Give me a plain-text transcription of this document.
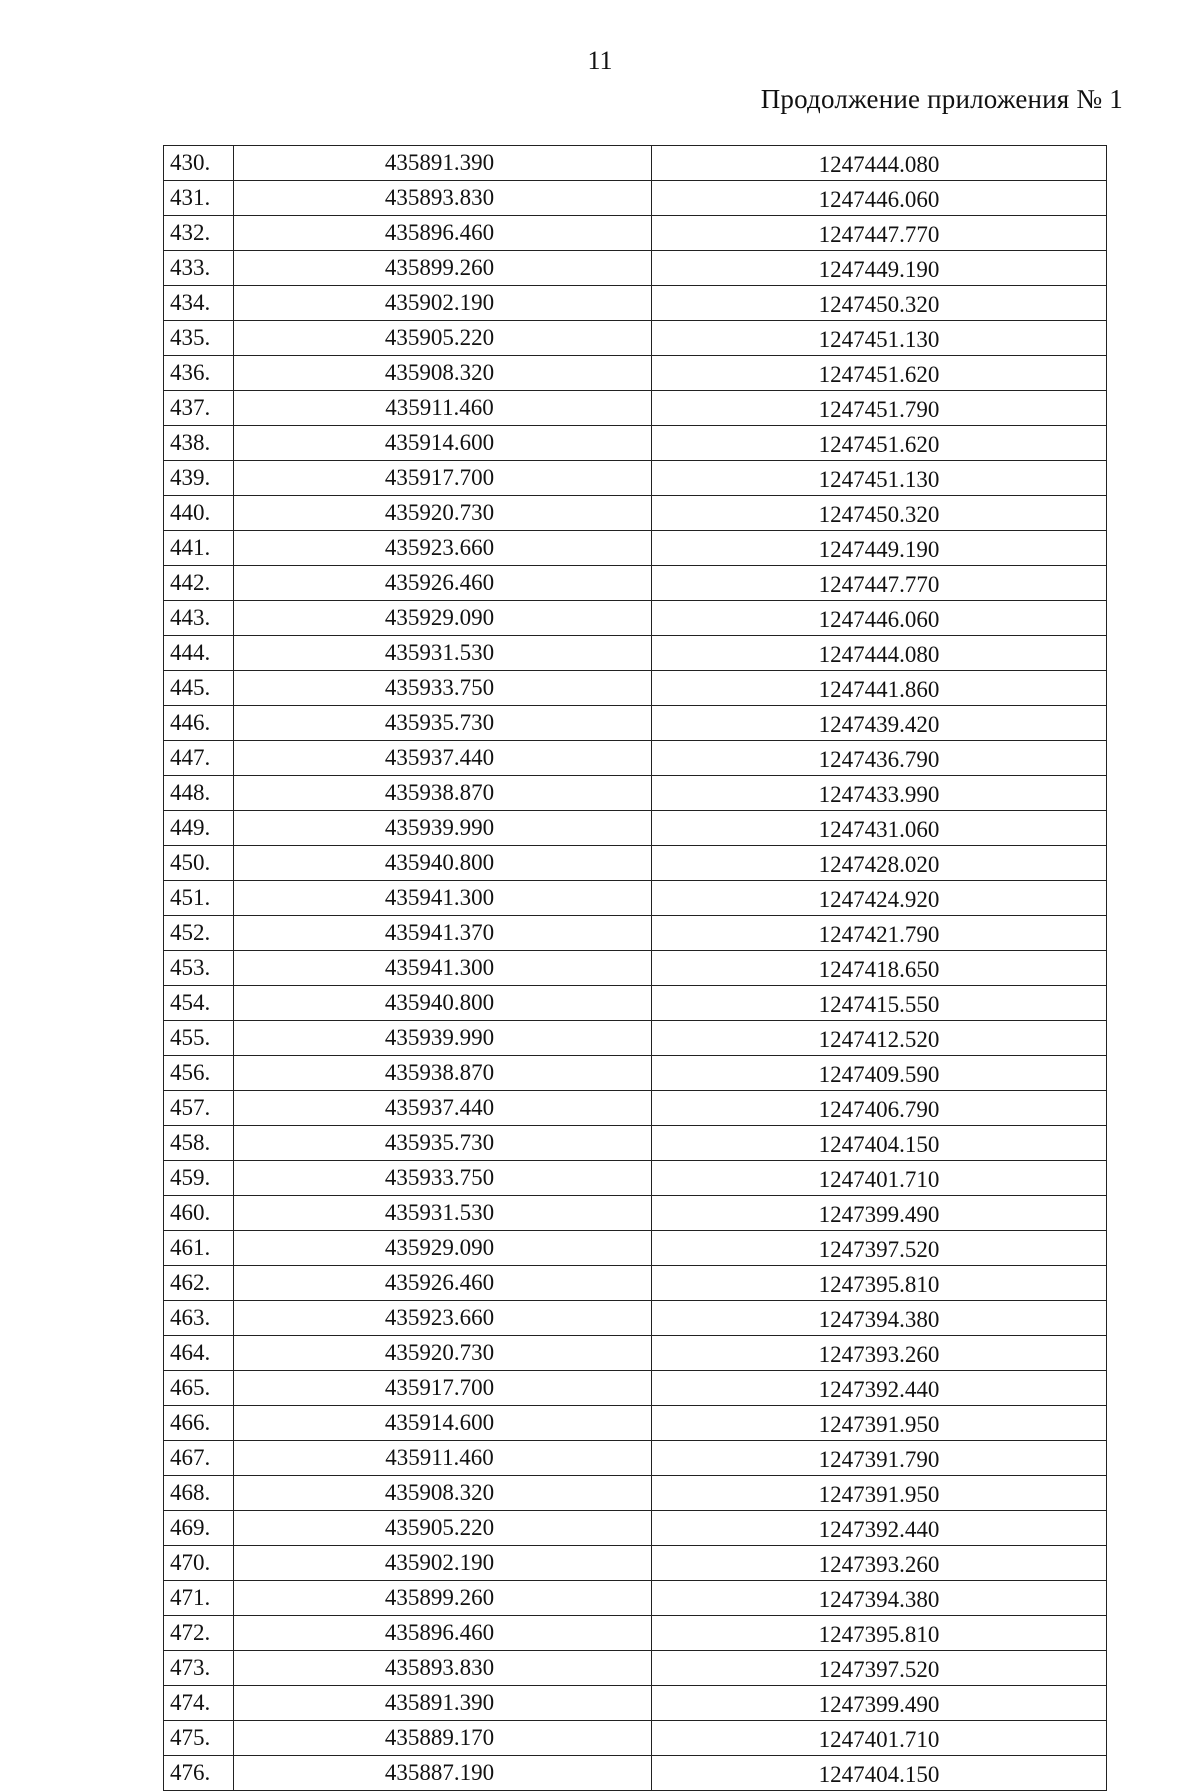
11
Продолжение приложения № 1
430.	435891.390	1247444.080
431.	435893.830	1247446.060
432.	435896.460	1247447.770
433.	435899.260	1247449.190
434.	435902.190	1247450.320
435.	435905.220	1247451.130
436.	435908.320	1247451.620
437.	435911.460	1247451.790
438.	435914.600	1247451.620
439.	435917.700	1247451.130
440.	435920.730	1247450.320
441.	435923.660	1247449.190
442.	435926.460	1247447.770
443.	435929.090	1247446.060
444.	435931.530	1247444.080
445.	435933.750	1247441.860
446.	435935.730	1247439.420
447.	435937.440	1247436.790
448.	435938.870	1247433.990
449.	435939.990	1247431.060
450.	435940.800	1247428.020
451.	435941.300	1247424.920
452.	435941.370	1247421.790
453.	435941.300	1247418.650
454.	435940.800	1247415.550
455.	435939.990	1247412.520
456.	435938.870	1247409.590
457.	435937.440	1247406.790
458.	435935.730	1247404.150
459.	435933.750	1247401.710
460.	435931.530	1247399.490
461.	435929.090	1247397.520
462.	435926.460	1247395.810
463.	435923.660	1247394.380
464.	435920.730	1247393.260
465.	435917.700	1247392.440
466.	435914.600	1247391.950
467.	435911.460	1247391.790
468.	435908.320	1247391.950
469.	435905.220	1247392.440
470.	435902.190	1247393.260
471.	435899.260	1247394.380
472.	435896.460	1247395.810
473.	435893.830	1247397.520
474.	435891.390	1247399.490
475.	435889.170	1247401.710
476.	435887.190	1247404.150
